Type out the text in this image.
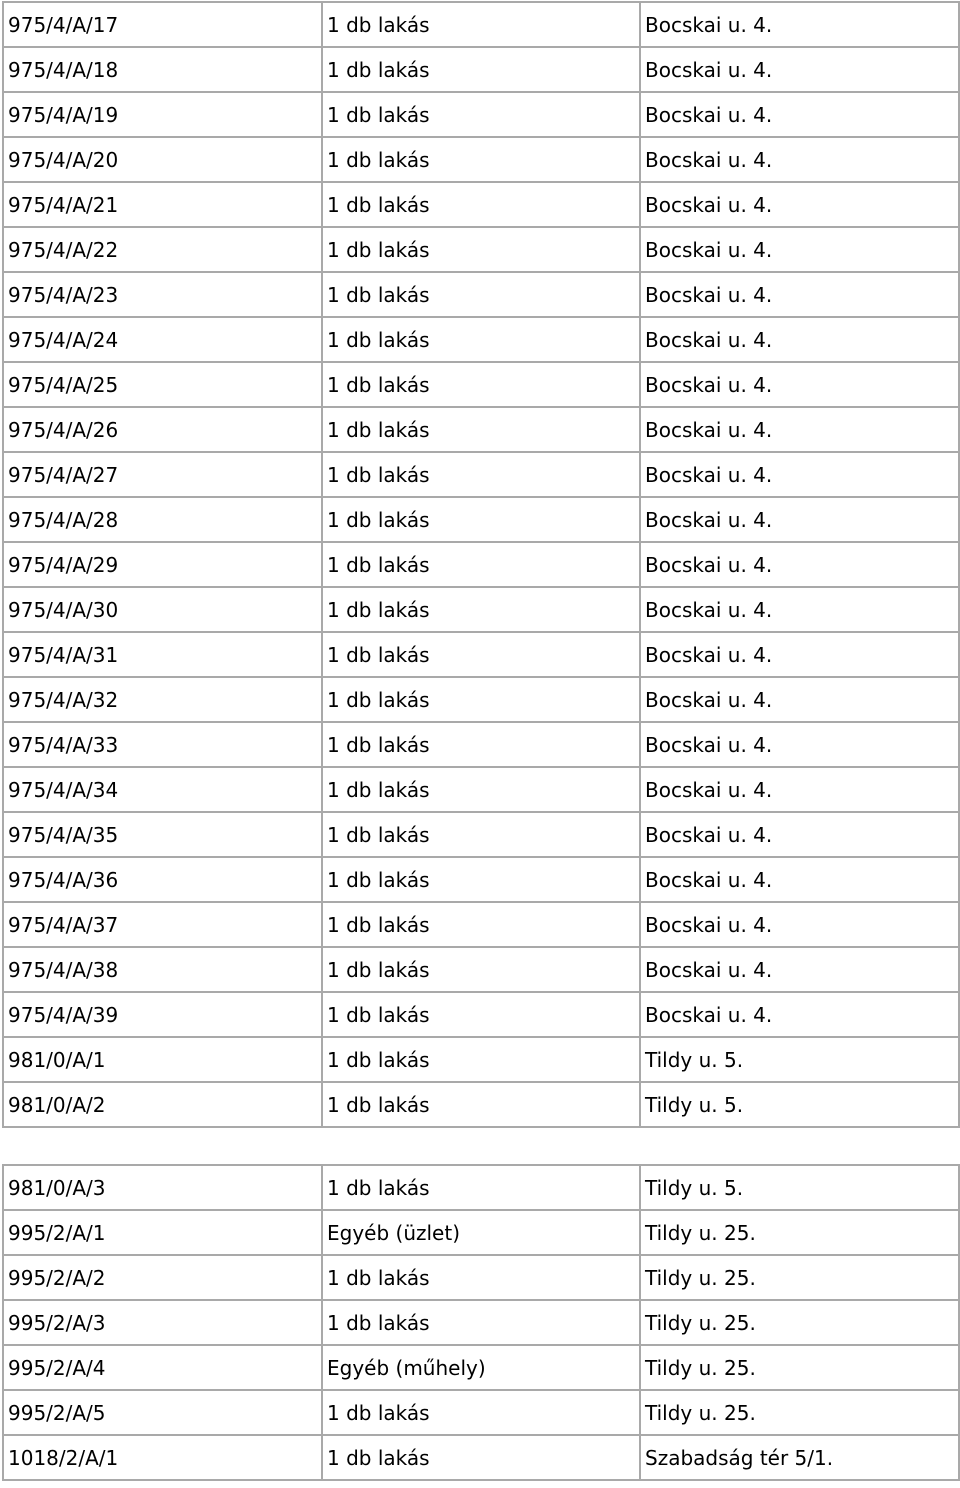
975/4/A/17	1 db lakás	Bocskai u. 4.
975/4/A/18	1 db lakás	Bocskai u. 4.
975/4/A/19	1 db lakás	Bocskai u. 4.
975/4/A/20	1 db lakás	Bocskai u. 4.
975/4/A/21	1 db lakás	Bocskai u. 4.
975/4/A/22	1 db lakás	Bocskai u. 4.
975/4/A/23	1 db lakás	Bocskai u. 4.
975/4/A/24	1 db lakás	Bocskai u. 4.
975/4/A/25	1 db lakás	Bocskai u. 4.
975/4/A/26	1 db lakás	Bocskai u. 4.
975/4/A/27	1 db lakás	Bocskai u. 4.
975/4/A/28	1 db lakás	Bocskai u. 4.
975/4/A/29	1 db lakás	Bocskai u. 4.
975/4/A/30	1 db lakás	Bocskai u. 4.
975/4/A/31	1 db lakás	Bocskai u. 4.
975/4/A/32	1 db lakás	Bocskai u. 4.
975/4/A/33	1 db lakás	Bocskai u. 4.
975/4/A/34	1 db lakás	Bocskai u. 4.
975/4/A/35	1 db lakás	Bocskai u. 4.
975/4/A/36	1 db lakás	Bocskai u. 4.
975/4/A/37	1 db lakás	Bocskai u. 4.
975/4/A/38	1 db lakás	Bocskai u. 4.
975/4/A/39	1 db lakás	Bocskai u. 4.
981/0/A/1	1 db lakás	Tildy u. 5.
981/0/A/2	1 db lakás	Tildy u. 5.
981/0/A/3	1 db lakás	Tildy u. 5.
995/2/A/1	Egyéb (üzlet)	Tildy u. 25.
995/2/A/2	1 db lakás	Tildy u. 25.
995/2/A/3	1 db lakás	Tildy u. 25.
995/2/A/4	Egyéb (műhely)	Tildy u. 25.
995/2/A/5	1 db lakás	Tildy u. 25.
1018/2/A/1	1 db lakás	Szabadság tér 5/1.
